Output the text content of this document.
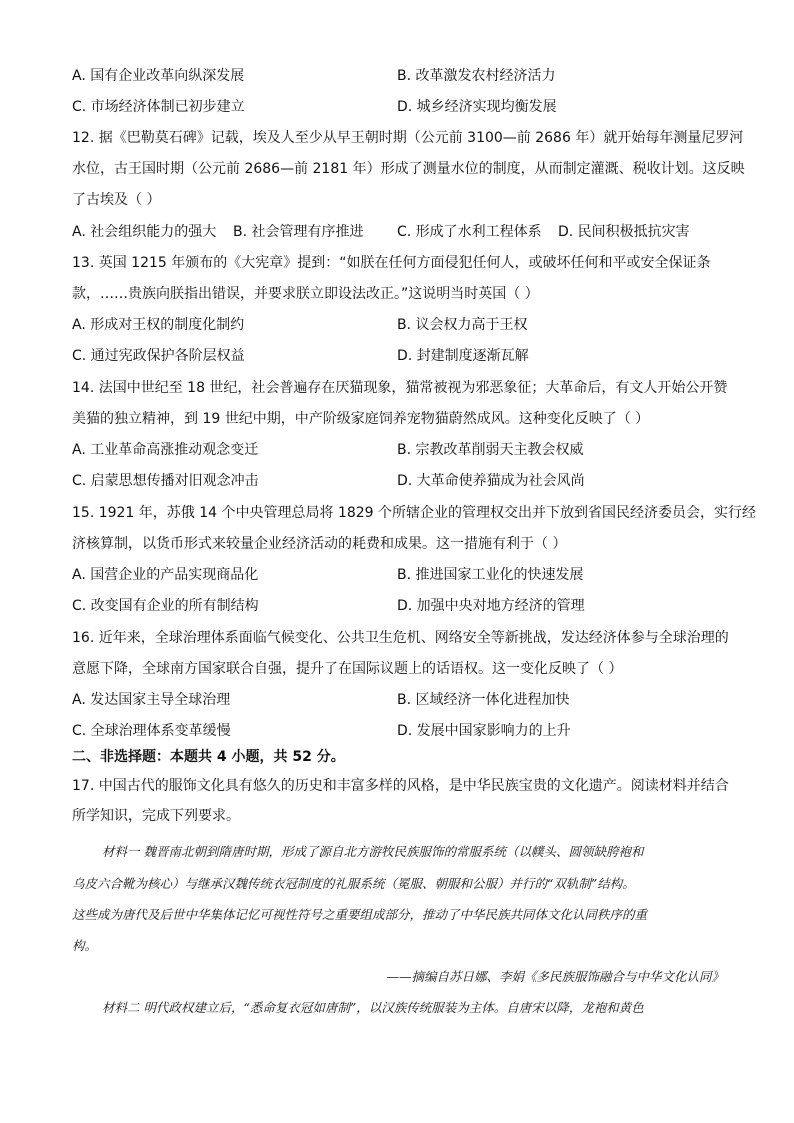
A. 国有企业改革向纵深发展	B. 改革激发农村经济活力
C. 市场经济体制已初步建立	D. 城乡经济实现均衡发展
12. 据《巴勒莫石碑》记载，埃及人至少从早王朝时期（公元前 3100—前 2686 年）就开始每年测量尼罗河
水位，古王国时期（公元前 2686—前 2181 年）形成了测量水位的制度，从而制定灌溉、税收计划。这反映
了古埃及（ ）
A. 社会组织能力的强大 B. 社会管理有序推进 C. 形成了水利工程体系 D. 民间积极抵抗灾害
13. 英国 1215 年颁布的《大宪章》提到：“如朕在任何方面侵犯任何人，或破坏任何和平或安全保证条
款，……贵族向朕指出错误，并要求朕立即设法改正。”这说明当时英国（ ）
A. 形成对王权的制度化制约	B. 议会权力高于王权
C. 通过宪政保护各阶层权益	D. 封建制度逐渐瓦解
14. 法国中世纪至 18 世纪，社会普遍存在厌猫现象，猫常被视为邪恶象征；大革命后，有文人开始公开赞
美猫的独立精神，到 19 世纪中期，中产阶级家庭饲养宠物猫蔚然成风。这种变化反映了（ ）
A. 工业革命高涨推动观念变迁	B. 宗教改革削弱天主教会权威
C. 启蒙思想传播对旧观念冲击	D. 大革命使养猫成为社会风尚
15. 1921 年，苏俄 14 个中央管理总局将 1829 个所辖企业的管理权交出并下放到省国民经济委员会，实行经
济核算制，以货币形式来较量企业经济活动的耗费和成果。这一措施有利于（ ）
A. 国营企业的产品实现商品化	B. 推进国家工业化的快速发展
C. 改变国有企业的所有制结构	D. 加强中央对地方经济的管理
16. 近年来，全球治理体系面临气候变化、公共卫生危机、网络安全等新挑战，发达经济体参与全球治理的
意愿下降，全球南方国家联合自强，提升了在国际议题上的话语权。这一变化反映了（ ）
A. 发达国家主导全球治理	B. 区域经济一体化进程加快
C. 全球治理体系变革缓慢	D. 发展中国家影响力的上升
二、非选择题：本题共 4 小题，共 52 分。
17. 中国古代的服饰文化具有悠久的历史和丰富多样的风格，是中华民族宝贵的文化遗产。阅读材料并结合
所学知识，完成下列要求。
材料一 魏晋南北朝到隋唐时期，形成了源自北方游牧民族服饰的常服系统（以幞头、圆领缺胯袍和
乌皮六合靴为核心）与继承汉魏传统衣冠制度的礼服系统（冕服、朝服和公服）并行的“双轨制”结构。
这些成为唐代及后世中华集体记忆可视性符号之重要组成部分，推动了中华民族共同体文化认同秩序的重
构。
——摘编自苏日娜、李娟《多民族服饰融合与中华文化认同》
材料二 明代政权建立后，“悉命复衣冠如唐制”，以汉族传统服装为主体。自唐宋以降，龙袍和黄色
